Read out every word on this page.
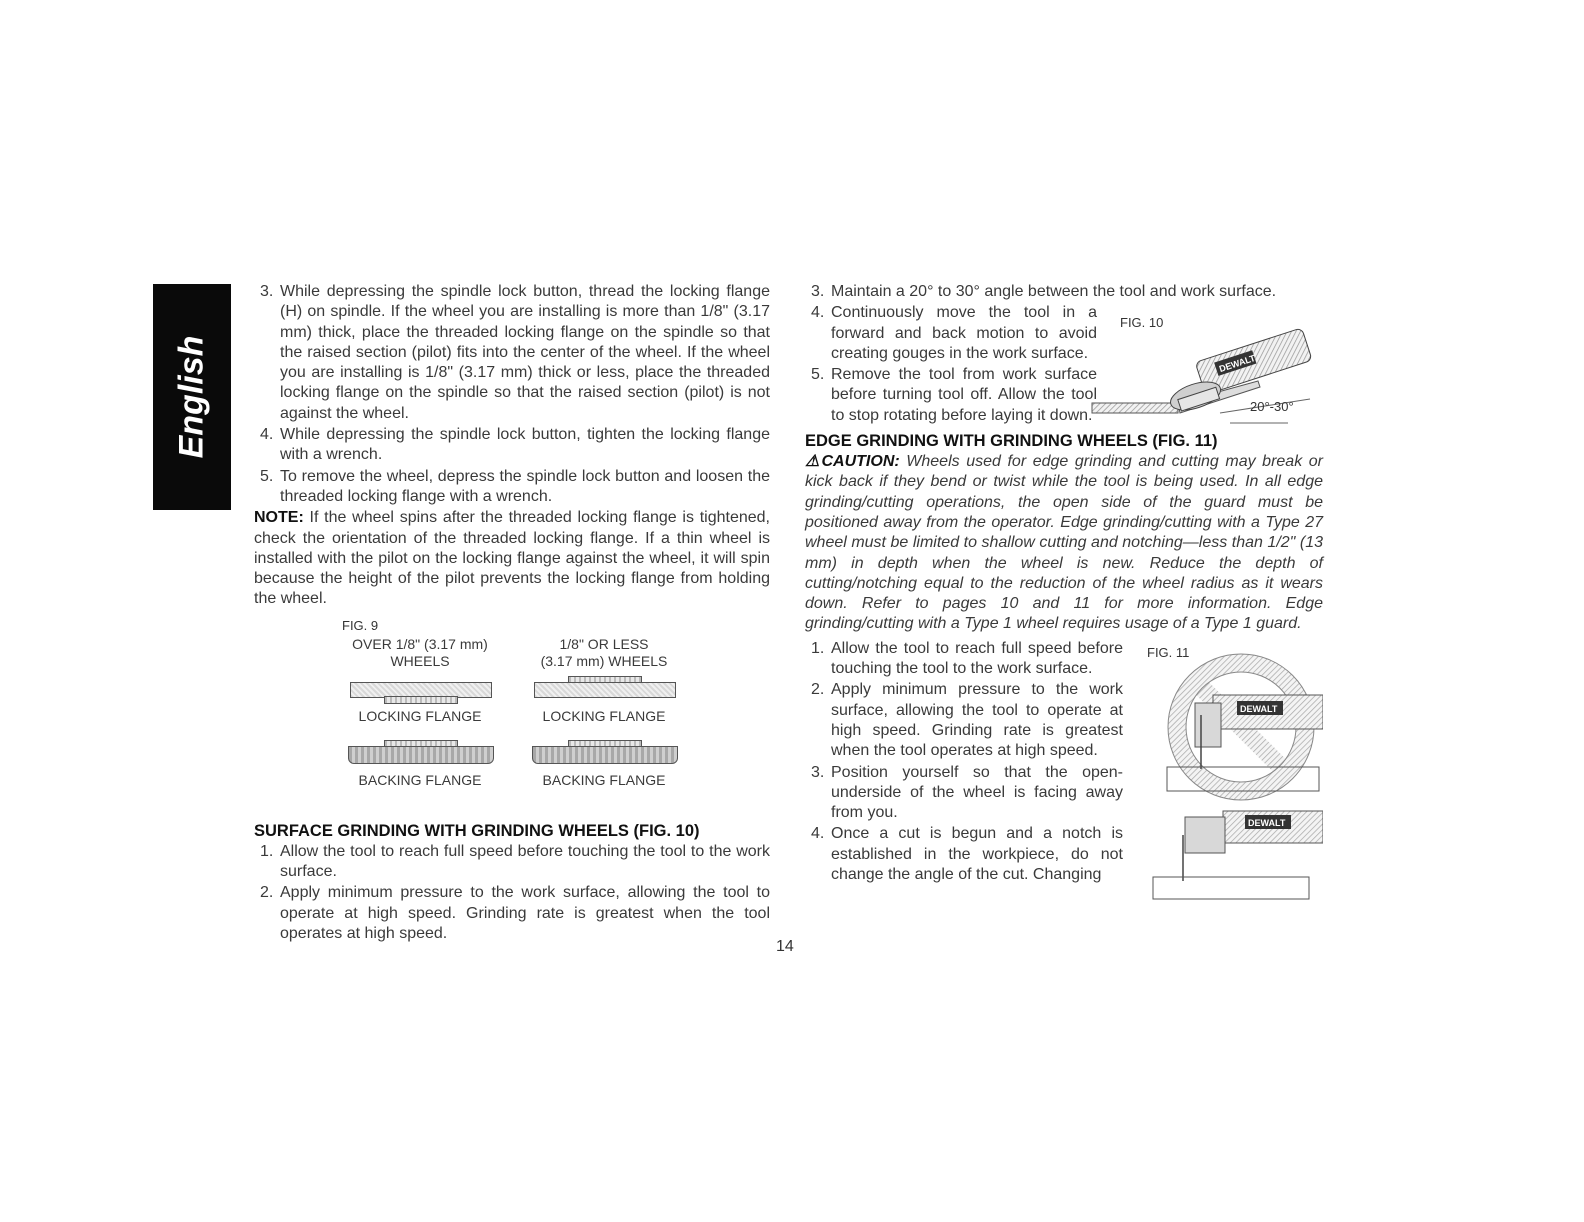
English
3. While depressing the spindle lock button, thread the locking flange (H) on spindle. If the wheel you are installing is more than 1/8" (3.17 mm) thick, place the threaded locking flange on the spindle so that the raised section (pilot) fits into the center of the wheel. If the wheel you are installing is 1/8" (3.17 mm) thick or less, place the threaded locking flange on the spindle so that the raised section (pilot) is not against the wheel.
4. While depressing the spindle lock button, tighten the locking flange with a wrench.
5. To remove the wheel, depress the spindle lock button and loosen the threaded locking flange with a wrench.

NOTE: If the wheel spins after the threaded locking flange is tightened, check the orientation of the threaded locking flange. If a thin wheel is installed with the pilot on the locking flange against the wheel, it will spin because the height of the pilot prevents the locking flange from holding the wheel.

FIG. 9
OVER 1/8" (3.17 mm)
WHEELS
1/8" OR LESS
(3.17 mm) WHEELS
LOCKING FLANGE	LOCKING FLANGE
BACKING FLANGE	BACKING FLANGE
SURFACE GRINDING WITH GRINDING WHEELS (FIG. 10)
1. Allow the tool to reach full speed before touching the tool to the work surface.
2. Apply minimum pressure to the work surface, allowing the tool to operate at high speed. Grinding rate is greatest when the tool operates at high speed.
3. Maintain a 20° to 30° angle between the tool and work surface.
4. Continuously move the tool in a forward and back motion to avoid creating gouges in the work surface.
5. Remove the tool from work surface before turning tool off. Allow the tool to stop rotating before laying it down.
FIG. 10
DEWALT
20°-30°
EDGE GRINDING WITH GRINDING WHEELS (FIG. 11)

⚠CAUTION: Wheels used for edge grinding and cutting may break or kick back if they bend or twist while the tool is being used. In all edge grinding/cutting operations, the open side of the guard must be positioned away from the operator. Edge grinding/cutting with a Type 27 wheel must be limited to shallow cutting and notching—less than 1/2" (13 mm) in depth when the wheel is new. Reduce the depth of cutting/notching equal to the reduction of the wheel radius as it wears down. Refer to pages 10 and 11 for more information. Edge grinding/cutting with a Type 1 wheel requires usage of a Type 1 guard.

1. Allow the tool to reach full speed before touching the tool to the work surface.
2. Apply minimum pressure to the work surface, allowing the tool to operate at high speed. Grinding rate is greatest when the tool operates at high speed.
3. Position yourself so that the open-underside of the wheel is facing away from you.
4. Once a cut is begun and a notch is established in the workpiece, do not change the angle of the cut. Changing
FIG. 11
DEWALT
DEWALT
14
